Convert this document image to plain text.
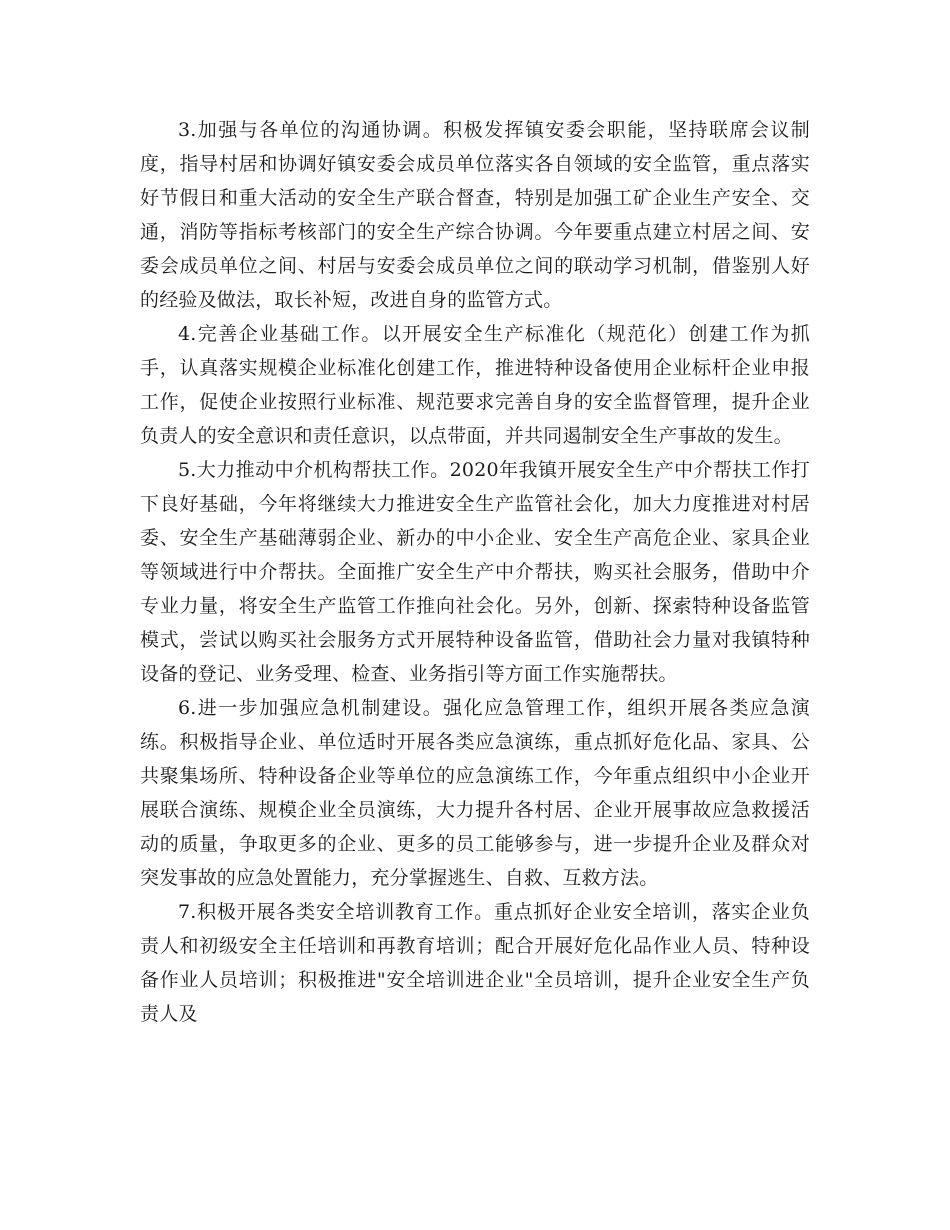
3.加强与各单位的沟通协调。积极发挥镇安委会职能，坚持联席会议制度，指导村居和协调好镇安委会成员单位落实各自领域的安全监管，重点落实好节假日和重大活动的安全生产联合督查，特别是加强工矿企业生产安全、交通，消防等指标考核部门的安全生产综合协调。今年要重点建立村居之间、安委会成员单位之间、村居与安委会成员单位之间的联动学习机制，借鉴别人好的经验及做法，取长补短，改进自身的监管方式。

4.完善企业基础工作。以开展安全生产标准化（规范化）创建工作为抓手，认真落实规模企业标准化创建工作，推进特种设备使用企业标杆企业申报工作，促使企业按照行业标准、规范要求完善自身的安全监督管理，提升企业负责人的安全意识和责任意识，以点带面，并共同遏制安全生产事故的发生。

5.大力推动中介机构帮扶工作。2020年我镇开展安全生产中介帮扶工作打下良好基础，今年将继续大力推进安全生产监管社会化，加大力度推进对村居委、安全生产基础薄弱企业、新办的中小企业、安全生产高危企业、家具企业等领域进行中介帮扶。全面推广安全生产中介帮扶，购买社会服务，借助中介专业力量，将安全生产监管工作推向社会化。另外，创新、探索特种设备监管模式，尝试以购买社会服务方式开展特种设备监管，借助社会力量对我镇特种设备的登记、业务受理、检查、业务指引等方面工作实施帮扶。

6.进一步加强应急机制建设。强化应急管理工作，组织开展各类应急演练。积极指导企业、单位适时开展各类应急演练，重点抓好危化品、家具、公共聚集场所、特种设备企业等单位的应急演练工作，今年重点组织中小企业开展联合演练、规模企业全员演练，大力提升各村居、企业开展事故应急救援活动的质量，争取更多的企业、更多的员工能够参与，进一步提升企业及群众对突发事故的应急处置能力，充分掌握逃生、自救、互救方法。

7.积极开展各类安全培训教育工作。重点抓好企业安全培训，落实企业负责人和初级安全主任培训和再教育培训；配合开展好危化品作业人员、特种设备作业人员培训；积极推进"安全培训进企业"全员培训，提升企业安全生产负责人及
